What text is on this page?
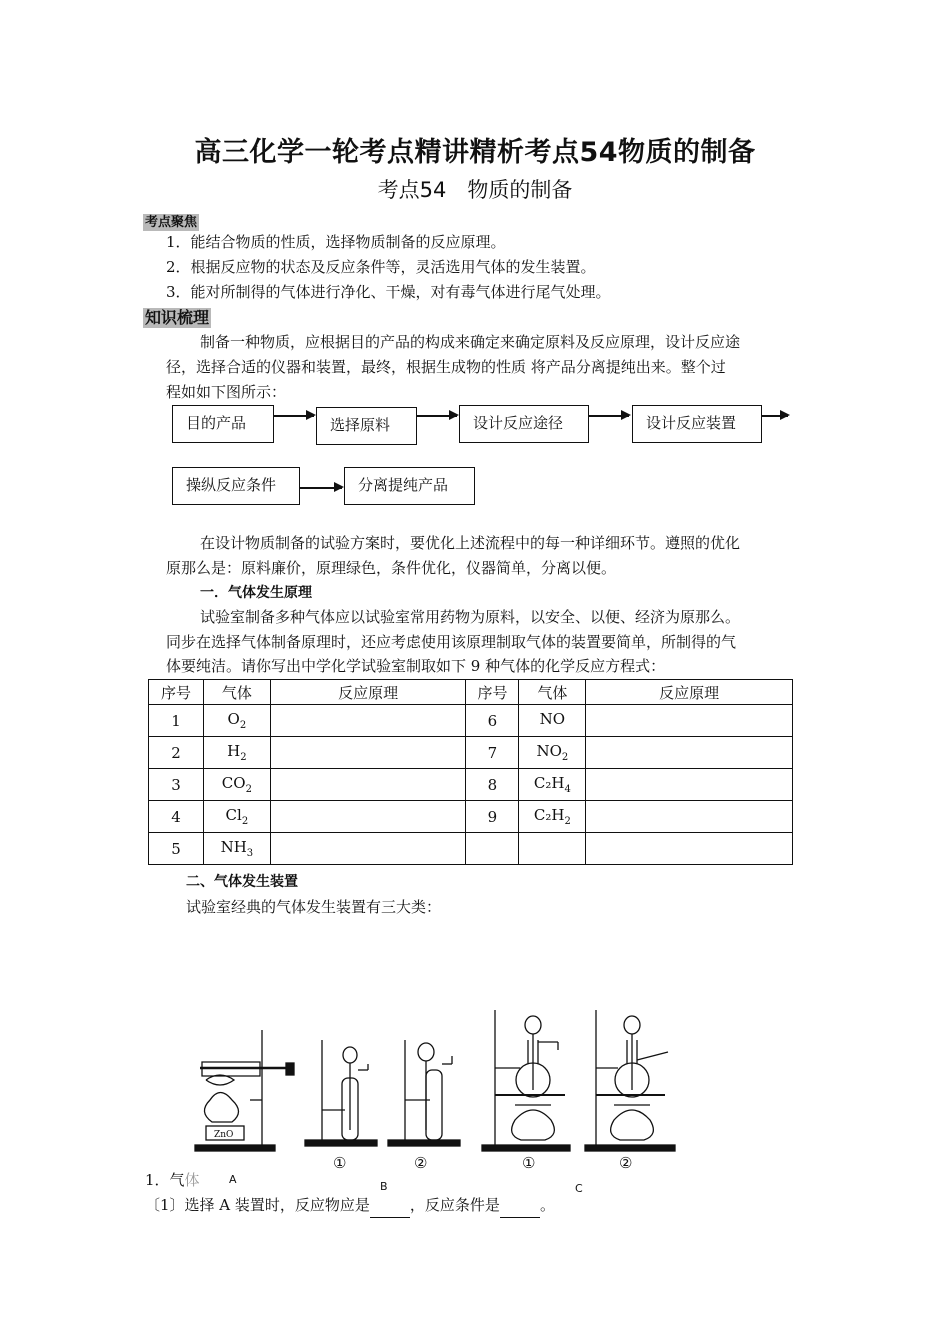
高三化学一轮考点精讲精析考点54物质的制备
考点54　物质的制备
考点聚焦
1．能结合物质的性质，选择物质制备的反应原理。
2．根据反应物的状态及反应条件等，灵活选用气体的发生装置。
3．能对所制得的气体进行净化、干燥，对有毒气体进行尾气处理。
知识梳理
制备一种物质，应根据目的产品的构成来确定来确定原料及反应原理，设计反应途
径，选择合适的仪器和装置，最终，根据生成物的性质 将产品分离提纯出来。整个过
程如如下图所示：
目的产品	选择原料	设计反应途径	设计反应装置
操纵反应条件	分离提纯产品
在设计物质制备的试验方案时，要优化上述流程中的每一种详细环节。遵照的优化
原那么是：原料廉价，原理绿色，条件优化，仪器简单，分离以便。
一．气体发生原理
试验室制备多种气体应以试验室常用药物为原料，以安全、以便、经济为原那么。
同步在选择气体制备原理时，还应考虑使用该原理制取气体的装置要简单，所制得的气
体要纯洁。请你写出中学化学试验室制取如下 9 种气体的化学反应方程式：
序号	气体	反应原理	序号	气体	反应原理
1	$O_2$		6	NO	
2	$H_2$		7	$NO_2$	
3	$CO_2$		8	$C_2H_4$	
4	$Cl_2$		9	$C_2H_2$	
5	$NH_3$				
二、气体发生装置
试验室经典的气体发生装置有三大类：
ZnO
①	②	①	②
A
B	C
1．气体
〔1〕选择 A 装置时，反应物应是	，反应条件是	。
